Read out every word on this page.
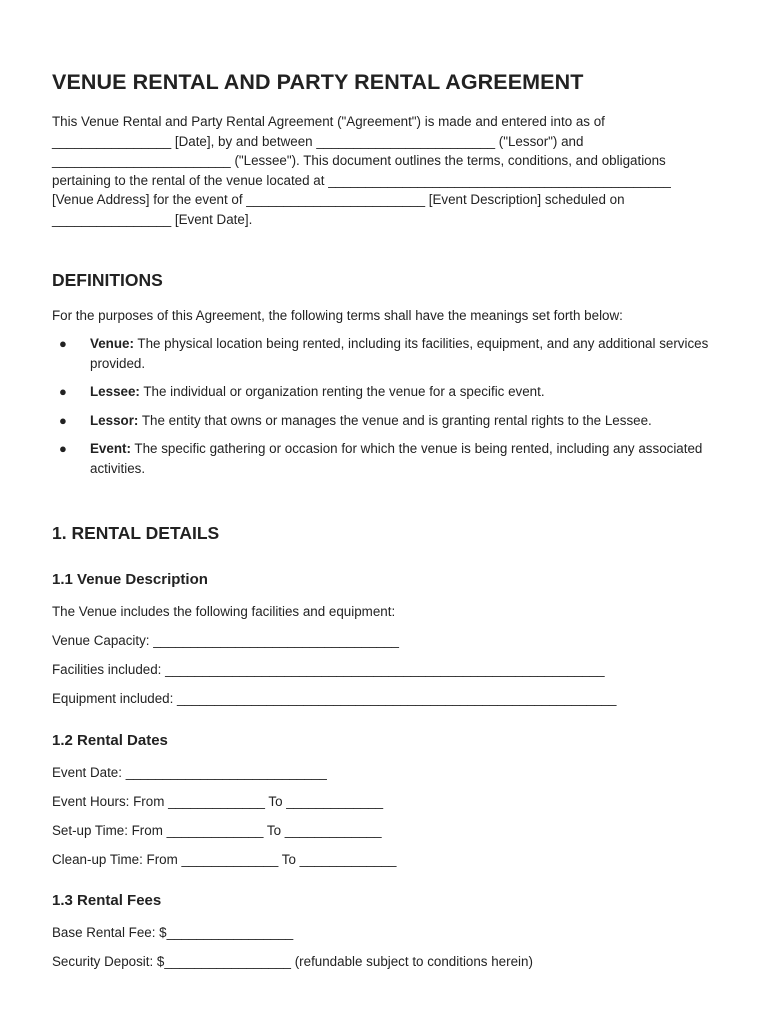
VENUE RENTAL AND PARTY RENTAL AGREEMENT

This Venue Rental and Party Rental Agreement ("Agreement") is made and entered into as of ________________ [Date], by and between ________________________ ("Lessor") and ________________________ ("Lessee"). This document outlines the terms, conditions, and obligations pertaining to the rental of the venue located at ______________________________________________ [Venue Address] for the event of ________________________ [Event Description] scheduled on ________________ [Event Date].

DEFINITIONS

For the purposes of this Agreement, the following terms shall have the meanings set forth below:

● Venue: The physical location being rented, including its facilities, equipment, and any additional services provided.
● Lessee: The individual or organization renting the venue for a specific event.
● Lessor: The entity that owns or manages the venue and is granting rental rights to the Lessee.
● Event: The specific gathering or occasion for which the venue is being rented, including any associated activities.
1. RENTAL DETAILS
1.1 Venue Description

The Venue includes the following facilities and equipment:

Venue Capacity: _________________________________

Facilities included: ___________________________________________________________

Equipment included: ___________________________________________________________

1.2 Rental Dates

Event Date: ___________________________

Event Hours: From _____________ To _____________

Set-up Time: From _____________ To _____________

Clean-up Time: From _____________ To _____________

1.3 Rental Fees

Base Rental Fee: $_________________

Security Deposit: $_________________ (refundable subject to conditions herein)
